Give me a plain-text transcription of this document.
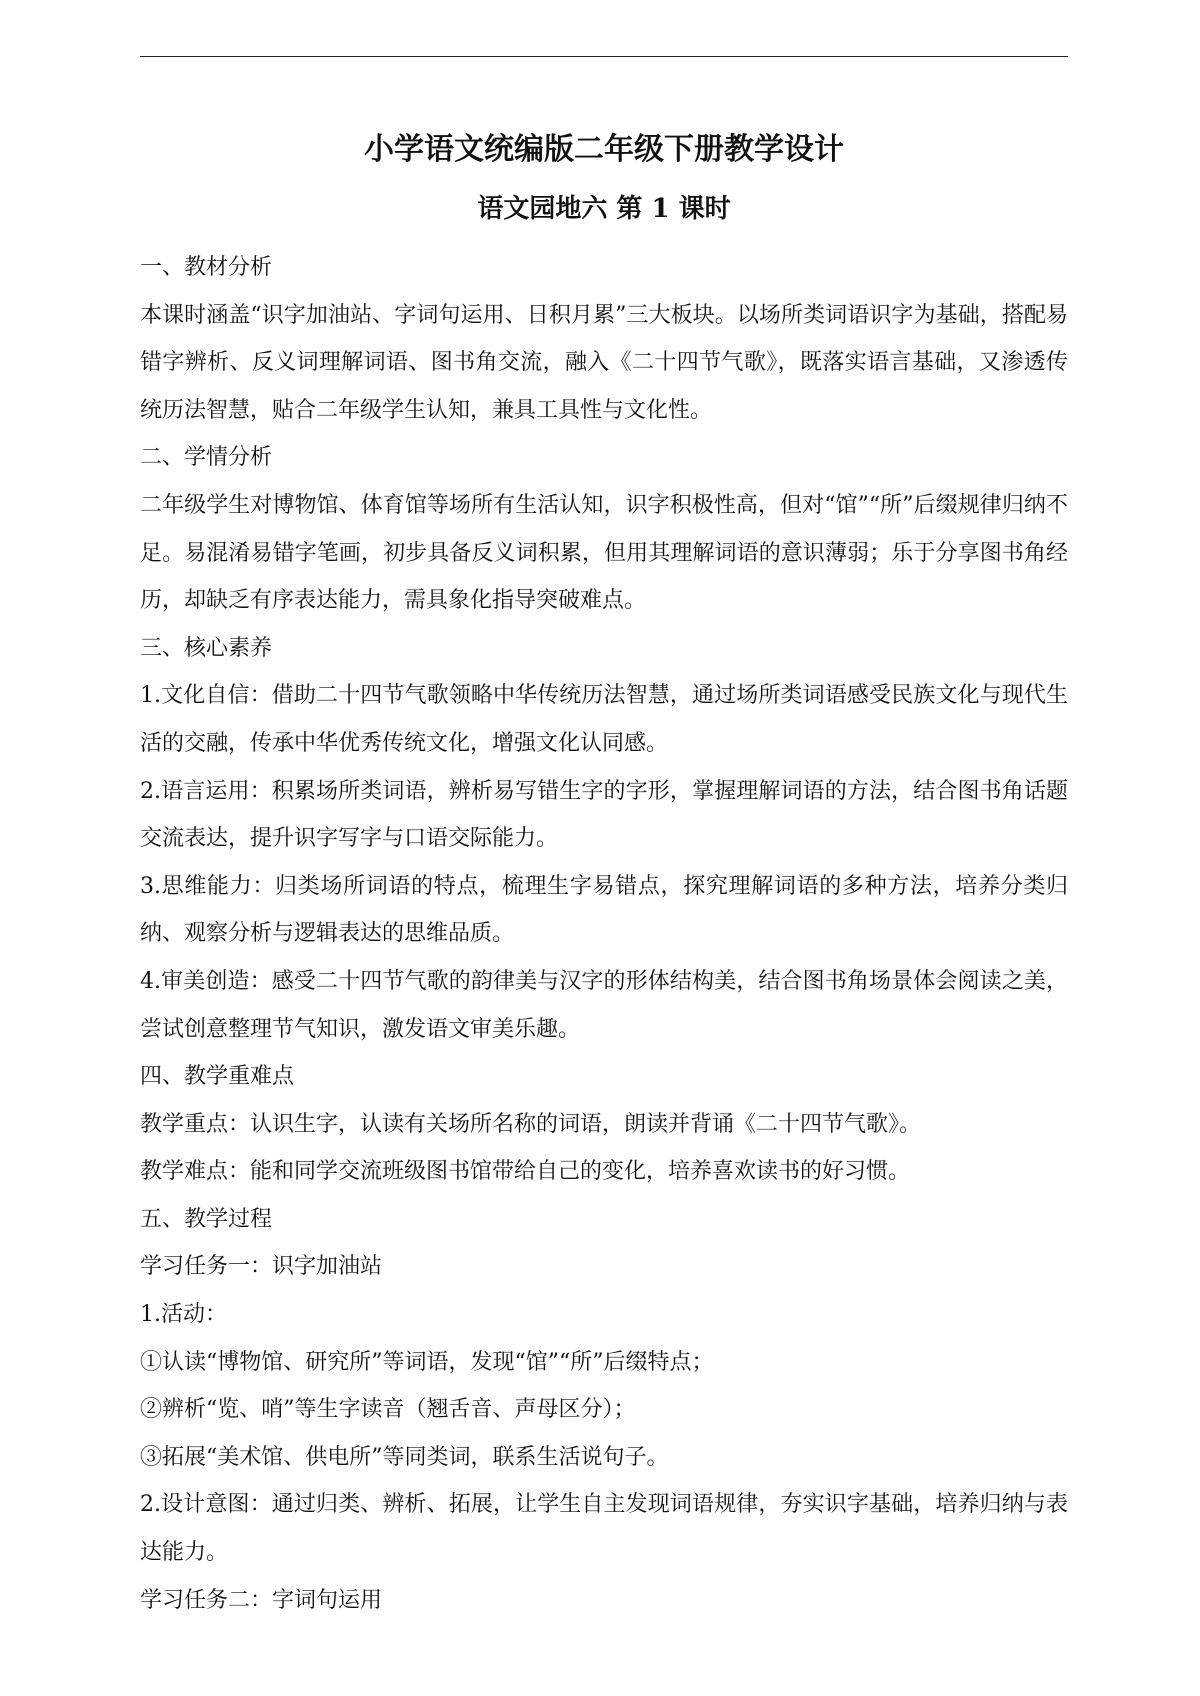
小学语文统编版二年级下册教学设计
语文园地六 第 1 课时

一、教材分析

本课时涵盖“识字加油站、字词句运用、日积月累”三大板块。以场所类词语识字为基础，搭配易错字辨析、反义词理解词语、图书角交流，融入《二十四节气歌》，既落实语言基础，又渗透传统历法智慧，贴合二年级学生认知，兼具工具性与文化性。

二、学情分析

二年级学生对博物馆、体育馆等场所有生活认知，识字积极性高，但对“馆”“所”后缀规律归纳不足。易混淆易错字笔画，初步具备反义词积累，但用其理解词语的意识薄弱；乐于分享图书角经历，却缺乏有序表达能力，需具象化指导突破难点。

三、核心素养

1.文化自信：借助二十四节气歌领略中华传统历法智慧，通过场所类词语感受民族文化与现代生活的交融，传承中华优秀传统文化，增强文化认同感。

2.语言运用：积累场所类词语，辨析易写错生字的字形，掌握理解词语的方法，结合图书角话题交流表达，提升识字写字与口语交际能力。

3.思维能力：归类场所词语的特点，梳理生字易错点，探究理解词语的多种方法，培养分类归纳、观察分析与逻辑表达的思维品质。

4.审美创造：感受二十四节气歌的韵律美与汉字的形体结构美，结合图书角场景体会阅读之美，尝试创意整理节气知识，激发语文审美乐趣。

四、教学重难点

教学重点：认识生字，认读有关场所名称的词语，朗读并背诵《二十四节气歌》。

教学难点：能和同学交流班级图书馆带给自己的变化，培养喜欢读书的好习惯。

五、教学过程

学习任务一：识字加油站

1.活动：

①认读“博物馆、研究所”等词语，发现“馆”“所”后缀特点；

②辨析“览、哨”等生字读音（翘舌音、声母区分）；

③拓展“美术馆、供电所”等同类词，联系生活说句子。

2.设计意图：通过归类、辨析、拓展，让学生自主发现词语规律，夯实识字基础，培养归纳与表达能力。

学习任务二：字词句运用
